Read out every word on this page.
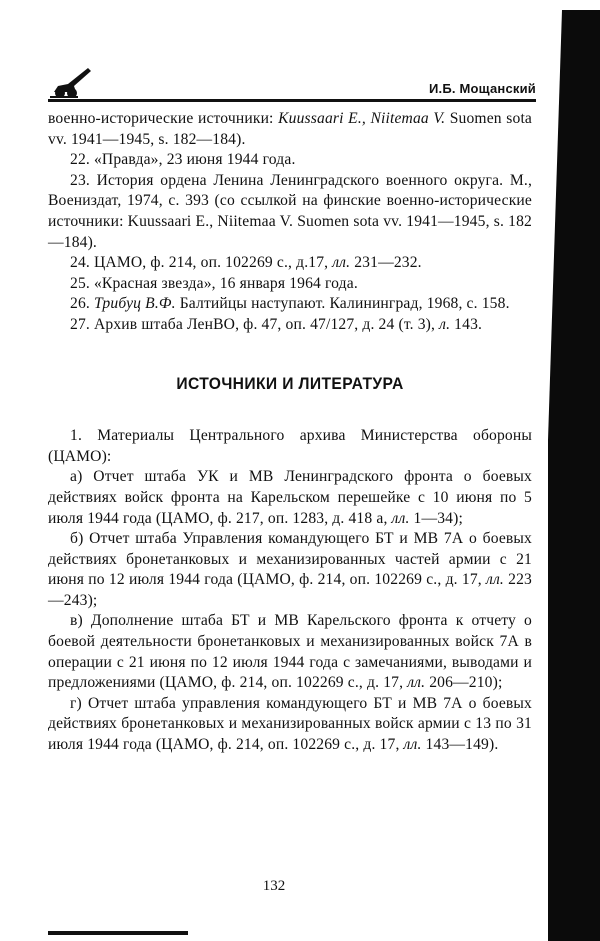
И.Б. Мощанский

военно-исторические источники: Kuussaari E., Niitemaa V. Suomen sota vv. 1941—1945, s. 182—184).

22. «Правда», 23 июня 1944 года.

23. История ордена Ленина Ленинградского военного округа. М., Воениздат, 1974, с. 393 (со ссылкой на финские военно-исторические источники: Kuussaari E., Niitemaa V. Suomen sota vv. 1941—1945, s. 182—184).

24. ЦАМО, ф. 214, оп. 102269 с., д.17, лл. 231—232.

25. «Красная звезда», 16 января 1964 года.

26. Трибуц В.Ф. Балтийцы наступают. Калининград, 1968, с. 158.

27. Архив штаба ЛенВО, ф. 47, оп. 47/127, д. 24 (т. 3), л. 143.

ИСТОЧНИКИ И ЛИТЕРАТУРА

1. Материалы Центрального архива Министерства обороны (ЦАМО):

а) Отчет штаба УК и МВ Ленинградского фронта о боевых действиях войск фронта на Карельском перешейке с 10 июня по 5 июля 1944 года (ЦАМО, ф. 217, оп. 1283, д. 418 а, лл. 1—34);

б) Отчет штаба Управления командующего БТ и МВ 7А о боевых действиях бронетанковых и механизированных частей армии с 21 июня по 12 июля 1944 года (ЦАМО, ф. 214, оп. 102269 с., д. 17, лл. 223—243);

в) Дополнение штаба БТ и МВ Карельского фронта к отчету о боевой деятельности бронетанковых и механизированных войск 7А в операции с 21 июня по 12 июля 1944 года с замечаниями, выводами и предложениями (ЦАМО, ф. 214, оп. 102269 с., д. 17, лл. 206—210);

г) Отчет штаба управления командующего БТ и МВ 7А о боевых действиях бронетанковых и механизированных войск армии с 13 по 31 июля 1944 года (ЦАМО, ф. 214, оп. 102269 с., д. 17, лл. 143—149).

132
